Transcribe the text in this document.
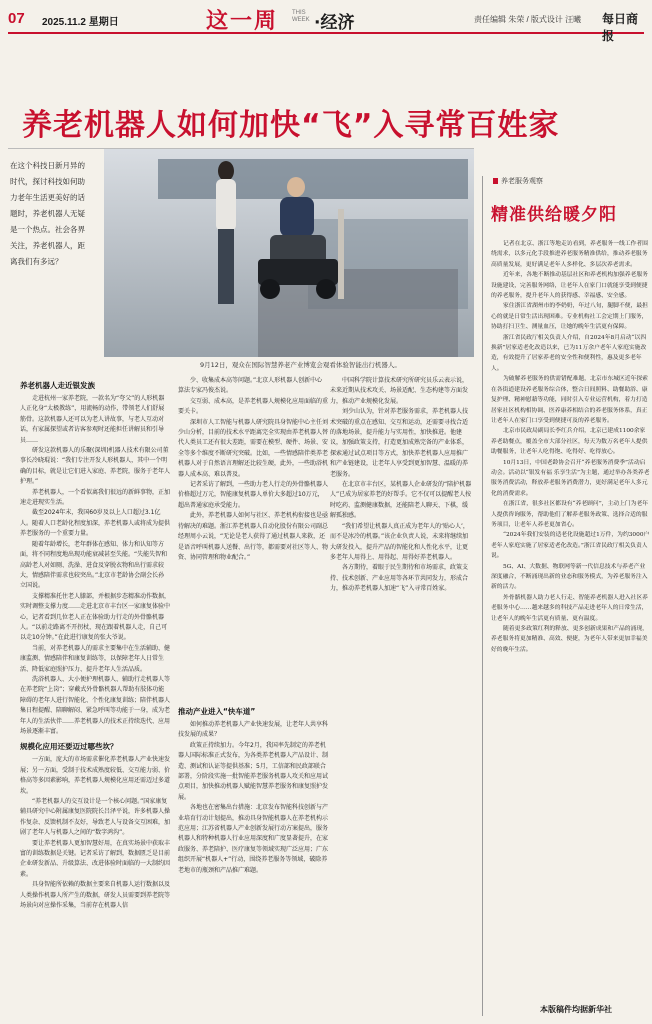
07 2025.11.2 星期日	这一周 THIS WEEK ·经济	责任编辑 朱荣 / 版式设计 汪曦 每日商报
养老机器人如何加快“飞”入寻常百姓家
在这个科技日新月异的时代，探讨科技如何助力老年生活更美好的话题时，养老机器人无疑是一个热点。社会各界关注，养老机器人，距离我们有多远？
9月12日，观众在国际智慧养老产业博览会观看体验智能出行机器人。
养老机器人走近银发族

走进杭州一家养老院，一款名为“夸父”的人形机器人正化身“太极教练”，用流畅的动作，带领老人们舒展筋骨。这款机器人还可以为老人讲故事，与老人互动对话，有家属探望或者访客参观时还能担任讲解员和引导员……

研发这款机器人的乐聚(深圳)机器人技术有限公司董事长冷晓琨说：“我们专注开发人形机器人，其中一个明确的目标，就是让它们进入家庭、养老院，服务于老年人护理。”

养老机器人，一个看似离我们很远的新鲜事物，正加速走进现实生活。

截至2024年末，我国60岁及以上人口超过3.1亿人。随着人口老龄化程度加深，养老机器人或将成为提供养老服务的一个重要力量。

随着年龄增长，老年群体在感知、体力和认知等方面，将不同程度地出现功能衰减甚至失能。“失能失智和高龄老人对如厕、洗澡、进食及穿脱衣物和出行需求较大，情感陪伴需求也较突出。”北京市老龄协会副会长孙立国说。

支撑精准托住老人膝部，并根据步态精准动作数据，实时调整支撑力度……走进北京市丰台区一家康复体验中心，记者看到几位老人正在体验助力行走的外骨骼机器人。“以前走路离不开拐杖，现在跟着机器人走，自己可以走10分钟。”在此进行康复的张大爷说。

当前，对养老机器人的需求主要集中在生活辅助、健康监测、情感陪伴和康复训练等，以保障老年人日常生活、降低家庭照护压力、提升老年人生活品质。

洗浴机器人、大小便护理机器人、辅助行走机器人等在养老院“上岗”；穿戴式外骨骼机器人帮助有肢体功能障碍的老年人进行智能化、个性化康复训练；陪伴机器人集日程提醒、陪聊解闷、紧急呼叫等功能于一身，成为老年人的生活伙伴……养老机器人的技术正持续迭代、应用场景逐渐丰富。

规模化应用还要迈过哪些坎？

一方面，庞大的市场需求催化养老机器人产业快速发展；另一方面，受制于技术成熟度较低、交互能力弱、价格高等多因素影响，养老机器人规模化应用还需迈过多道坎。

“养老机器人的交互设计是一个核心问题。”国家康复辅具研究中心附属康复医院院长吕泽平说，许多机器人操作复杂、反馈机制不友好，导致老人与设备交互困难，加剧了老年人与机器人之间的“数字鸿沟”。

要让养老机器人更加智慧好用，在真实场景中获取丰富的训练数据是关键。记者采访了解到，数据匮乏是目前企业研发新品、升级算法、改进体验时面临的一大制约因素。

具身智能所依赖的数据主要来自机器人运行数据以及人类操作机器人所产生的数据，研发人员需要到养老院等场景向对应操作采集，当前存在机器人信

少、收集成本高等问题。”北京人形机器人创新中心算法专家冯俊杰说。

交互弱、成本高，是养老机器人规模化应用面临的重要关卡。

深圳市人工智能与机器人研究院具身智能中心主任刘少山分析，目前的技术水平距离完全实现由养老机器人替代人类员工还有很大差距，需要在模型、硬件、场景、安全等多个维度不断研究突破。比如，一些情感陪伴类养老机器人对于自然语言理解还比较生硬，此外，一些助浴机器人成本高、难以普及。

记者采访了解到，一些助力老人行走的外骨骼机器人价格超过万元，智能康复机器人单价大多超过10万元，超出普通家庭承受能力。

此外，养老机器人如何与社区、养老机构衔接也是亟待解决的难题。浙江养老机器人自动化股份有限公司副总经理周小云说，“无论是老人获得了通过机器人来救，还是语音呼叫机器人送餐、出行等，都需要对社区等人、物资、协同管理和物业配合。”

推动产业进入“快车道”

如何推动养老机器人产业快速发展，让老年人共享科技发展的成果？

政策正持续加力。今年2月，我国率先制定的养老机器人国际标准正式发布，为各类养老机器人产品设计、制造、测试和认证等提供基准；5月，工信部和民政部联合部署，分阶段实施一批智能养老服务机器人攻关和应用试点项目，加快推动机器人赋能智慧养老服务和康复照护发展。

各地也在密集出台措施：北京发布智能科技创新与产业培育行动计划提出，推动具身智能机器人在养老机构示范应用；江苏省机器人产业创新发展行动方案提出，服务机器人和特种机器人行业应用深度和广度显著提升，在家政服务、养老陪护、医疗康复等领域实现广泛应用；广东组织开展“机器人+”行动，围绕养老服务等领域，破除养老地市的瓶颈和产品推广难题。

中国科学院计算技术研究所研究员乐云表示说，未来近期从技术攻关、场景适配、生态构建等方面发力，推动产业规模化发展。

刘少山认为，针对养老服务需求，养老机器人技术突破的重点在感知、交互和运动，还需要寻找合适的落地场景，提升能力与实用性，加快推进。他建议，加强政策支持，打造更加成熟完备的产业体系，探索通过试点项目等方式，加快养老机器人应用推广和产业链建设，让老年人享受到更加智慧、温暖的养老服务。

在北京市丰台区，某机器人企业研发的“陪护机器人”已成为居家养老的好帮手。它不仅可以提醒老人按时吃药、监测健康数据，还能陪老人聊天、下棋，缓解孤独感。

“我们希望让机器人真正成为老年人的‘贴心人’，而不是冰冷的机器。”该企业负责人说，未来将继续加大研发投入，提升产品的智能化和人性化水平，让更多老年人用得上、用得起、用得好养老机器人。

各方期待，着眼于民生期待和市场需求，政策支持、技术创新、产业应用等各环节共同发力，形成合力，推动养老机器人加速“飞”入寻常百姓家。

养老服务观察
精准供给暖夕阳

记者在北京、浙江等地走访看到，养老服务一线工作者围绕需求，以多元化手段推进养老服务精准供给，推动养老服务高质量发展，更好满足老年人多样化、多层次养老需求。

近年来，各地不断推动基层社区和养老机构加强养老服务设施建设，完善服务网络，让老年人在家门口就能享受到便捷的养老服务，提升老年人的获得感、幸福感、安全感。

家住浙江省湖州市的李奶奶，年过八旬，腿脚不便，最担心的就是日常生活出现困难。专业机构社工会定期上门服务，协助打扫卫生、测量血压，让她的晚年生活更有保障。

浙江省民政厅相关负责人介绍，自2024年8月启动“以四换新”居家适老化改造以来，已为11万余户老年人家庭实施改造，有效提升了居家养老的安全性和便利性，惠及更多老年人。

为破解养老服务的供需错配难题，北京市东城区近年探索在各街道建设养老服务综合体，整合日间照料、助餐助浴、康复护理、精神慰藉等功能，同时引入专业运营机构，着力打造居家社区机构相协调、医养康养相结合的养老服务体系，真正让老年人在家门口享受到便捷可及的养老服务。

北京市民政局副局长李红兵介绍，北京已建成1100余家养老助餐点，覆盖全市大部分社区，每天为数万名老年人提供助餐服务，让老年人吃得饱、吃得好、吃得放心。

10月13日，中国老龄协会召开“养老服务消费季”活动启动会。活动以“银发有福 乐享生活”为主题，通过举办各类养老服务消费活动，释放养老服务消费潜力，更好满足老年人多元化的消费需求。

在浙江省，很多社区都设有“养老顾问”，主动上门为老年人提供咨询服务，帮助他们了解养老服务政策、选择合适的服务项目，让老年人养老更加省心。

“2024年我们安装的适老化设施超过1万件，为约3000户老年人家庭实施了居家适老化改造。”浙江省民政厅相关负责人说。

5G、AI、大数据、物联网等新一代信息技术与养老产业深度融合，不断涌现出新的业态和服务模式，为养老服务注入新的活力。

外骨骼机器人助力老人行走、智能养老机器人进入社区养老服务中心……越来越多的科技产品走进老年人的日常生活，让老年人的晚年生活更有质量、更有温度。

随着更多政策红利的释放、更多创新成果和产品的涌现，养老服务将更加精准、高效、便捷，为老年人带来更加幸福美好的晚年生活。

本版稿件均据新华社
